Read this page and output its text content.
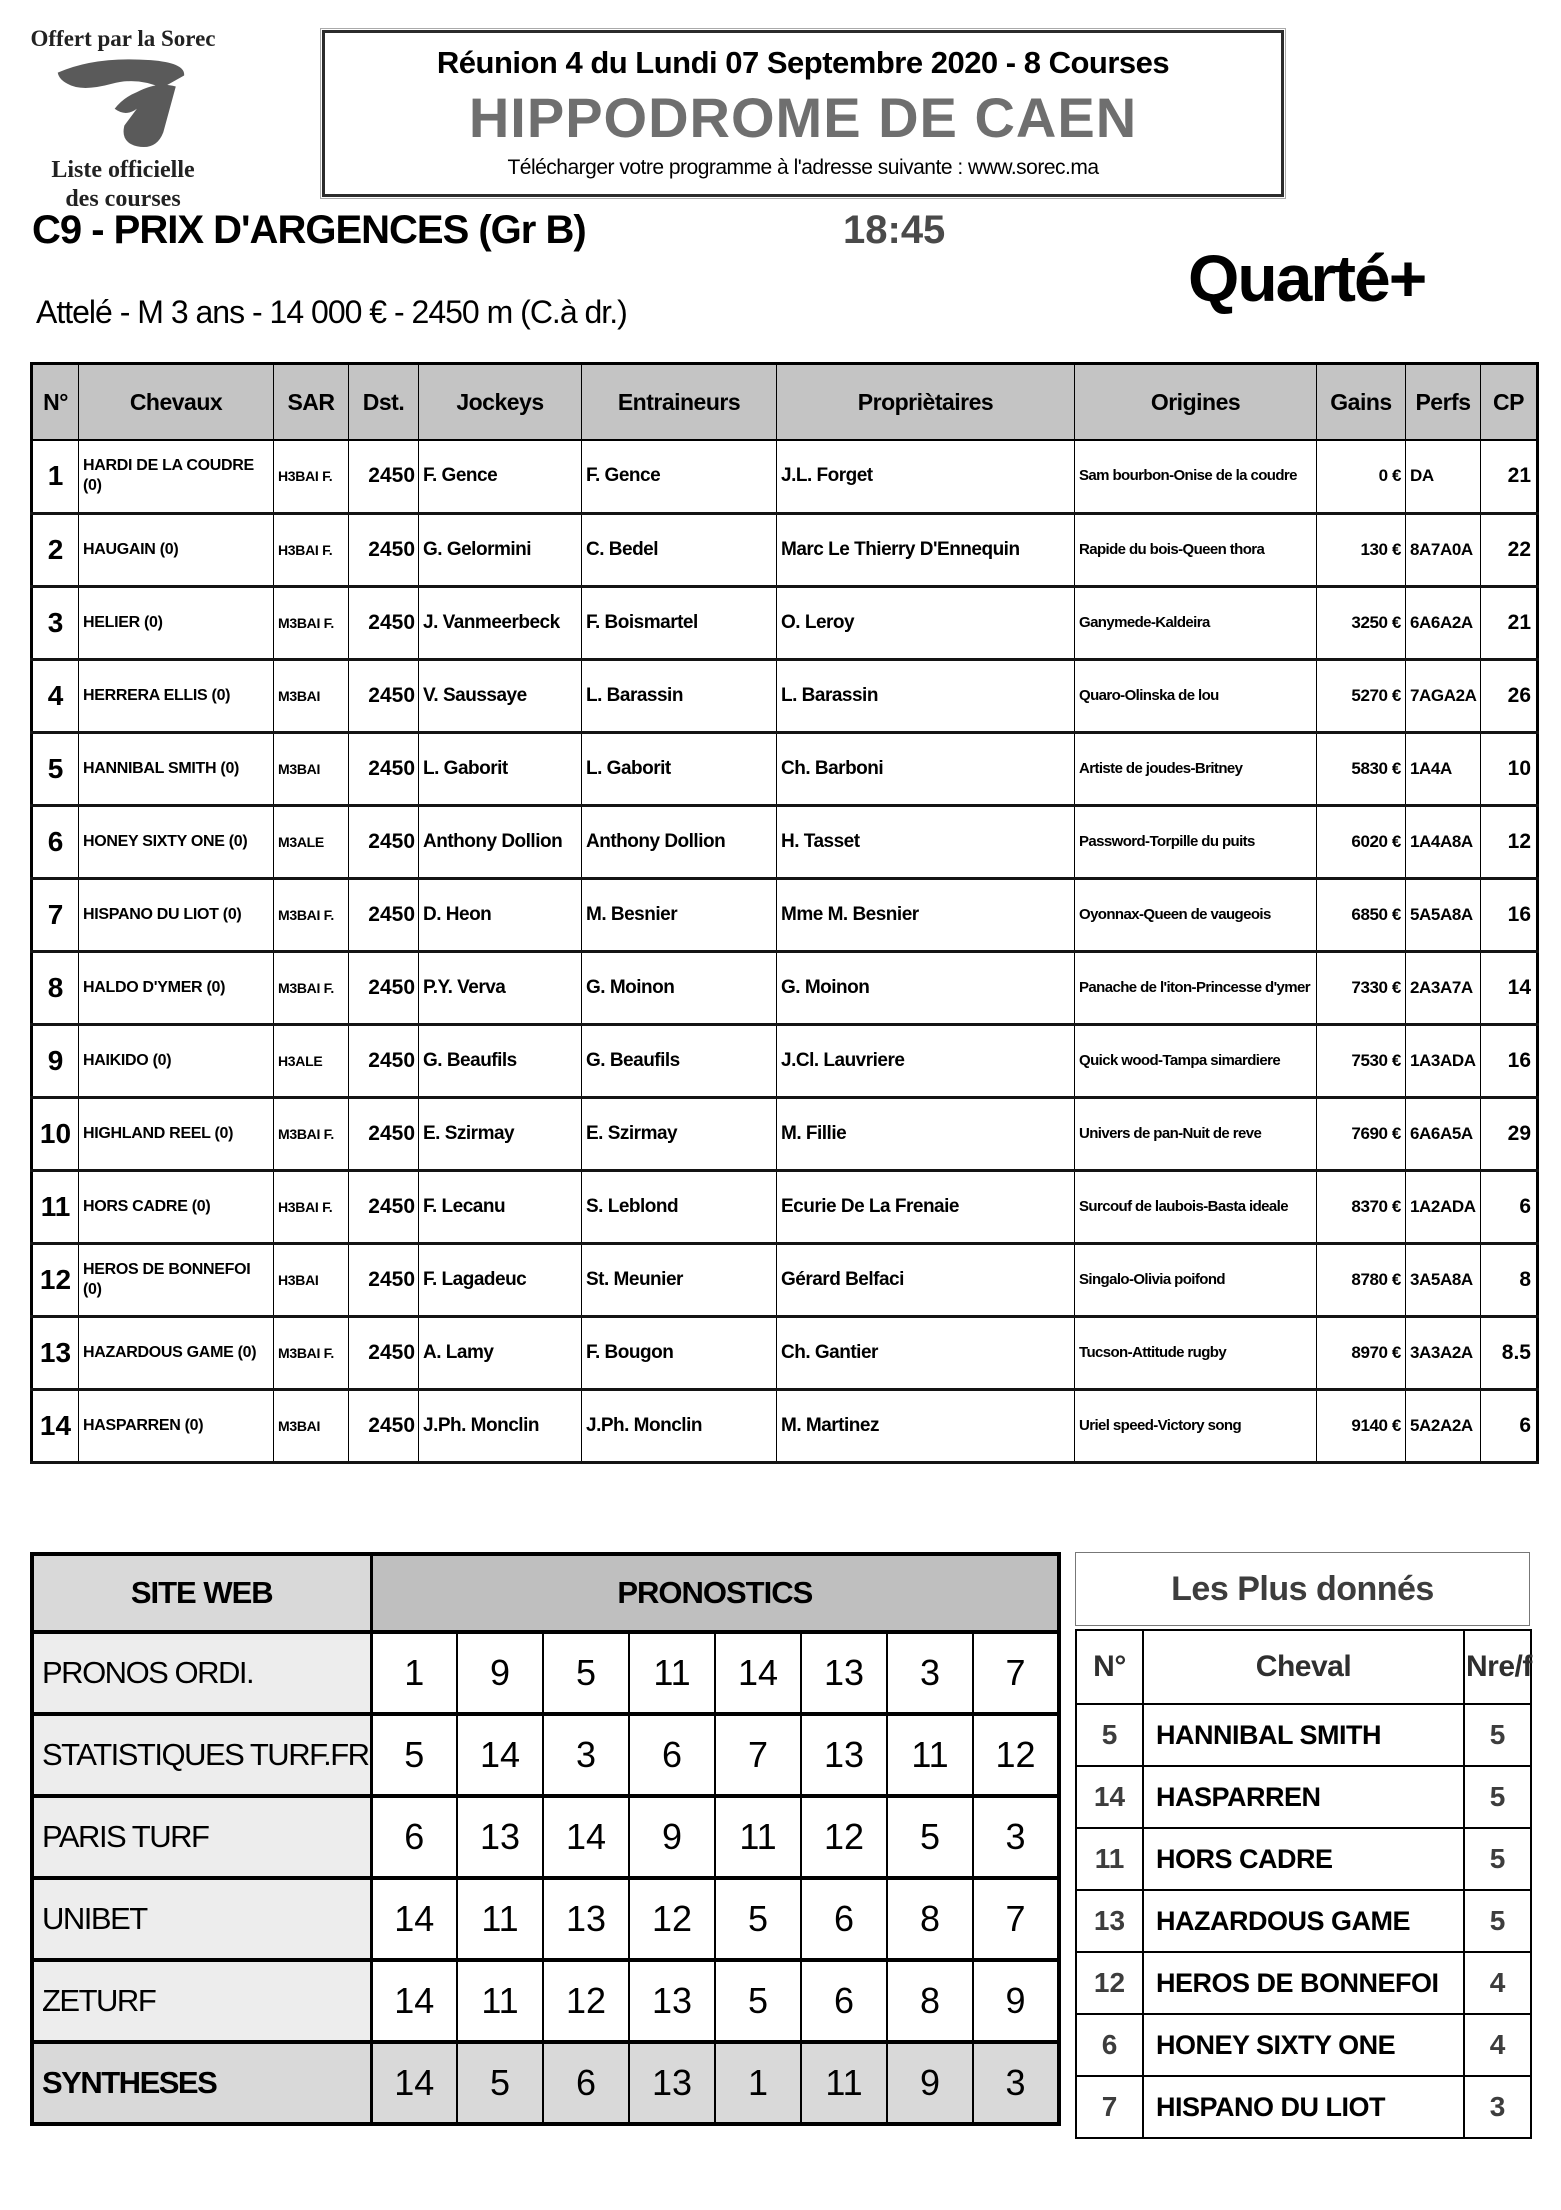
Offert par la Sorec
Liste officielle
des courses
Réunion 4 du Lundi 07 Septembre 2020 - 8 Courses
HIPPODROME DE CAEN
Télécharger votre programme à l'adresse suivante : www.sorec.ma
C9 - PRIX D'ARGENCES (Gr B)	18:45
Quarté+
Attelé - M 3 ans - 14 000 € - 2450 m (C.à dr.)
N°	Chevaux	SAR	Dst.	Jockeys	Entraineurs	Propriètaires	Origines	Gains	Perfs	CP
1	HARDI DE LA COUDRE (0)	H3BAI F.	2450	F. Gence	F. Gence	J.L. Forget	Sam bourbon-Onise de la coudre	0 €	DA	21
2	HAUGAIN (0)	H3BAI F.	2450	G. Gelormini	C. Bedel	Marc Le Thierry D'Ennequin	Rapide du bois-Queen thora	130 €	8A7A0A	22
3	HELIER (0)	M3BAI F.	2450	J. Vanmeerbeck	F. Boismartel	O. Leroy	Ganymede-Kaldeira	3250 €	6A6A2A	21
4	HERRERA ELLIS (0)	M3BAI	2450	V. Saussaye	L. Barassin	L. Barassin	Quaro-Olinska de lou	5270 €	7AGA2A	26
5	HANNIBAL SMITH (0)	M3BAI	2450	L. Gaborit	L. Gaborit	Ch. Barboni	Artiste de joudes-Britney	5830 €	1A4A	10
6	HONEY SIXTY ONE (0)	M3ALE	2450	Anthony Dollion	Anthony Dollion	H. Tasset	Password-Torpille du puits	6020 €	1A4A8A	12
7	HISPANO DU LIOT (0)	M3BAI F.	2450	D. Heon	M. Besnier	Mme M. Besnier	Oyonnax-Queen de vaugeois	6850 €	5A5A8A	16
8	HALDO D'YMER (0)	M3BAI F.	2450	P.Y. Verva	G. Moinon	G. Moinon	Panache de l'iton-Princesse d'ymer	7330 €	2A3A7A	14
9	HAIKIDO (0)	H3ALE	2450	G. Beaufils	G. Beaufils	J.Cl. Lauvriere	Quick wood-Tampa simardiere	7530 €	1A3ADA	16
10	HIGHLAND REEL (0)	M3BAI F.	2450	E. Szirmay	E. Szirmay	M. Fillie	Univers de pan-Nuit de reve	7690 €	6A6A5A	29
11	HORS CADRE (0)	H3BAI F.	2450	F. Lecanu	S. Leblond	Ecurie De La Frenaie	Surcouf de laubois-Basta ideale	8370 €	1A2ADA	6
12	HEROS DE BONNEFOI (0)	H3BAI	2450	F. Lagadeuc	St. Meunier	Gérard Belfaci	Singalo-Olivia poifond	8780 €	3A5A8A	8
13	HAZARDOUS GAME (0)	M3BAI F.	2450	A. Lamy	F. Bougon	Ch. Gantier	Tucson-Attitude rugby	8970 €	3A3A2A	8.5
14	HASPARREN (0)	M3BAI	2450	J.Ph. Monclin	J.Ph. Monclin	M. Martinez	Uriel speed-Victory song	9140 €	5A2A2A	6
SITE WEB	PRONOSTICS							
PRONOS ORDI.	1	9	5	11	14	13	3	7
STATISTIQUES TURF.FR	5	14	3	6	7	13	11	12
PARIS TURF	6	13	14	9	11	12	5	3
UNIBET	14	11	13	12	5	6	8	7
ZETURF	14	11	12	13	5	6	8	9
SYNTHESES	14	5	6	13	1	11	9	3
Les Plus donnés
N°	Cheval	Nre/f
5	HANNIBAL SMITH	5
14	HASPARREN	5
11	HORS CADRE	5
13	HAZARDOUS GAME	5
12	HEROS DE BONNEFOI	4
6	HONEY SIXTY ONE	4
7	HISPANO DU LIOT	3
